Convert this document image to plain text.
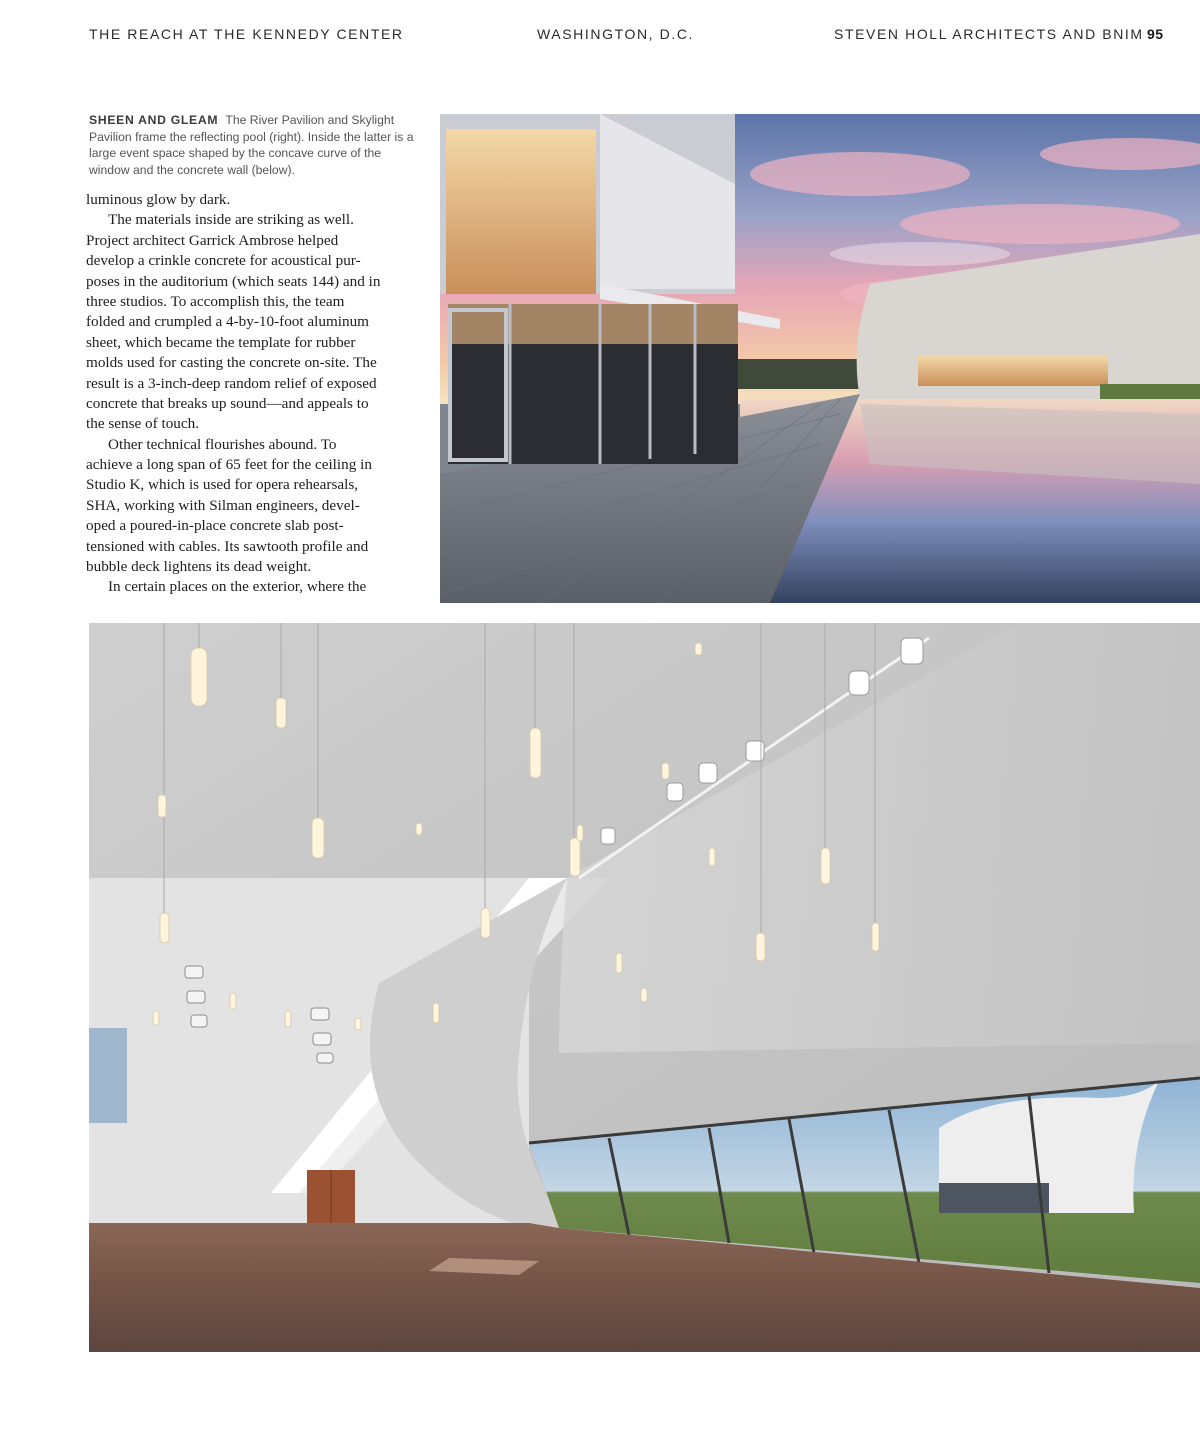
THE REACH AT THE KENNEDY CENTER	WASHINGTON, D.C.	STEVEN HOLL ARCHITECTS AND BNIM 95
SHEEN AND GLEAM The River Pavilion and Skylight Pavilion frame the reflecting pool (right). Inside the latter is a large event space shaped by the concave curve of the window and the concrete wall (below).
luminous glow by dark.
The materials inside are striking as well.
Project architect Garrick Ambrose helped
develop a crinkle concrete for acoustical pur-
poses in the auditorium (which seats 144) and in
three studios. To accomplish this, the team
folded and crumpled a 4-by-10-foot aluminum
sheet, which became the template for rubber
molds used for casting the concrete on-site. The
result is a 3-inch-deep random relief of exposed
concrete that breaks up sound—and appeals to
the sense of touch.
Other technical flourishes abound. To
achieve a long span of 65 feet for the ceiling in
Studio K, which is used for opera rehearsals,
SHA, working with Silman engineers, devel-
oped a poured-in-place concrete slab post-
tensioned with cables. Its sawtooth profile and
bubble deck lightens its dead weight.
In certain places on the exterior, where the
